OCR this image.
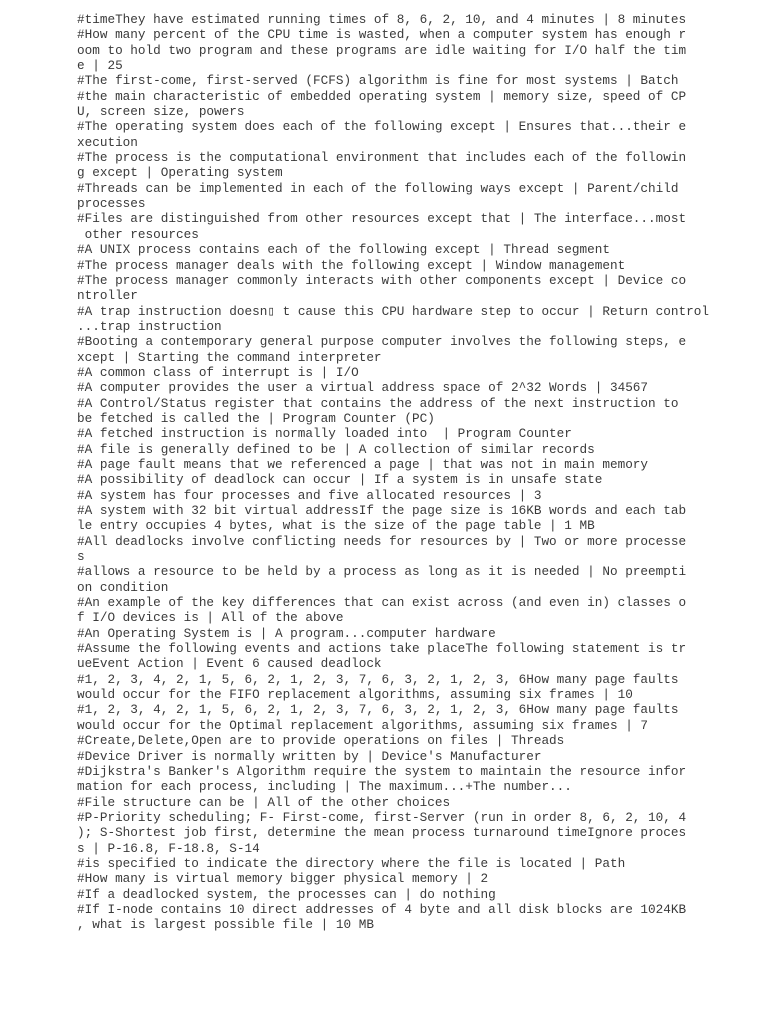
#timeThey have estimated running times of 8, 6, 2, 10, and 4 minutes | 8 minutes
#How many percent of the CPU time is wasted, when a computer system has enough r
oom to hold two program and these programs are idle waiting for I/O half the tim
e | 25
#The first-come, first-served (FCFS) algorithm is fine for most systems | Batch
#the main characteristic of embedded operating system | memory size, speed of CP
U, screen size, powers
#The operating system does each of the following except | Ensures that...their e
xecution
#The process is the computational environment that includes each of the followin
g except | Operating system
#Threads can be implemented in each of the following ways except | Parent/child
processes
#Files are distinguished from other resources except that | The interface...most
other resources
#A UNIX process contains each of the following except | Thread segment
#The process manager deals with the following except | Window management
#The process manager commonly interacts with other components except | Device co
ntroller
#A trap instruction doesn▯ t cause this CPU hardware step to occur | Return control
...trap instruction
#Booting a contemporary general purpose computer involves the following steps, e
xcept | Starting the command interpreter
#A common class of interrupt is | I/O
#A computer provides the user a virtual address space of 2^32 Words | 34567
#A Control/Status register that contains the address of the next instruction to
be fetched is called the | Program Counter (PC)
#A fetched instruction is normally loaded into  | Program Counter
#A file is generally defined to be | A collection of similar records
#A page fault means that we referenced a page | that was not in main memory
#A possibility of deadlock can occur | If a system is in unsafe state
#A system has four processes and five allocated resources | 3
#A system with 32 bit virtual addressIf the page size is 16KB words and each tab
le entry occupies 4 bytes, what is the size of the page table | 1 MB
#All deadlocks involve conflicting needs for resources by | Two or more processe
s
#allows a resource to be held by a process as long as it is needed | No preempti
on condition
#An example of the key differences that can exist across (and even in) classes o
f I/O devices is | All of the above
#An Operating System is | A program...computer hardware
#Assume the following events and actions take placeThe following statement is tr
ueEvent Action | Event 6 caused deadlock
#1, 2, 3, 4, 2, 1, 5, 6, 2, 1, 2, 3, 7, 6, 3, 2, 1, 2, 3, 6How many page faults
would occur for the FIFO replacement algorithms, assuming six frames | 10
#1, 2, 3, 4, 2, 1, 5, 6, 2, 1, 2, 3, 7, 6, 3, 2, 1, 2, 3, 6How many page faults
would occur for the Optimal replacement algorithms, assuming six frames | 7
#Create,Delete,Open are to provide operations on files | Threads
#Device Driver is normally written by | Device's Manufacturer
#Dijkstra's Banker's Algorithm require the system to maintain the resource infor
mation for each process, including | The maximum...+The number...
#File structure can be | All of the other choices
#P-Priority scheduling; F- First-come, first-Server (run in order 8, 6, 2, 10, 4
); S-Shortest job first, determine the mean process turnaround timeIgnore proces
s | P-16.8, F-18.8, S-14
#is specified to indicate the directory where the file is located | Path
#How many is virtual memory bigger physical memory | 2
#If a deadlocked system, the processes can | do nothing
#If I-node contains 10 direct addresses of 4 byte and all disk blocks are 1024KB
, what is largest possible file | 10 MB
